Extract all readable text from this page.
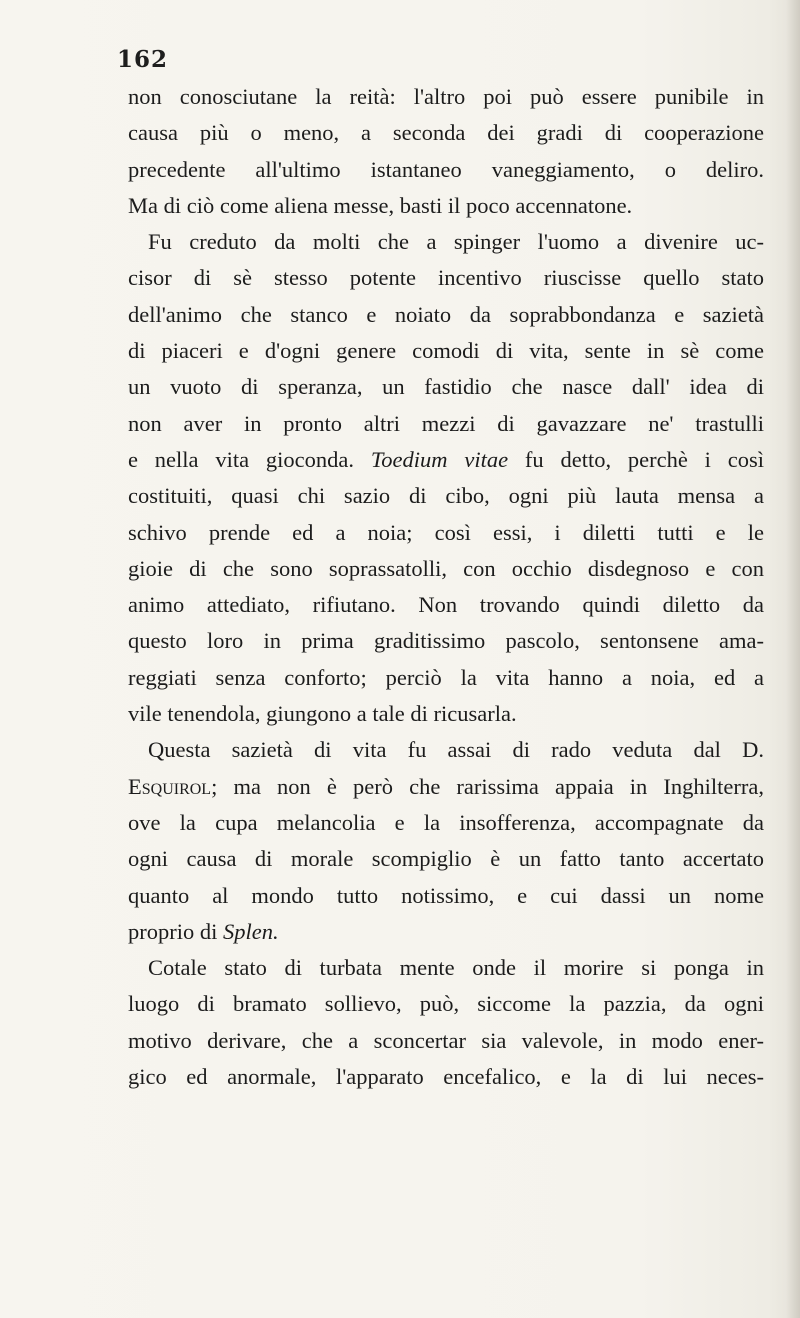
162
non conosciutane la reità: l'altro poi può essere punibile in
causa più o meno, a seconda dei gradi di cooperazione
precedente all'ultimo istantaneo vaneggiamento, o deliro.
Ma di ciò come aliena messe, basti il poco accennatone.
Fu creduto da molti che a spinger l'uomo a divenire uc-
cisor di sè stesso potente incentivo riuscisse quello stato
dell'animo che stanco e noiato da soprabbondanza e sazietà
di piaceri e d'ogni genere comodi di vita, sente in sè come
un vuoto di speranza, un fastidio che nasce dall' idea di
non aver in pronto altri mezzi di gavazzare ne' trastulli
e nella vita gioconda. Toedium vitae fu detto, perchè i così
costituiti, quasi chi sazio di cibo, ogni più lauta mensa a
schivo prende ed a noia; così essi, i diletti tutti e le
gioie di che sono soprassatolli, con occhio disdegnoso e con
animo attediato, rifiutano. Non trovando quindi diletto da
questo loro in prima graditissimo pascolo, sentonsene ama-
reggiati senza conforto; perciò la vita hanno a noia, ed a
vile tenendola, giungono a tale di ricusarla.
Questa sazietà di vita fu assai di rado veduta dal D.
Esquirol; ma non è però che rarissima appaia in Inghilterra,
ove la cupa melancolia e la insofferenza, accompagnate da
ogni causa di morale scompiglio è un fatto tanto accertato
quanto al mondo tutto notissimo, e cui dassi un nome
proprio di Splen.
Cotale stato di turbata mente onde il morire si ponga in
luogo di bramato sollievo, può, siccome la pazzia, da ogni
motivo derivare, che a sconcertar sia valevole, in modo ener-
gico ed anormale, l'apparato encefalico, e la di lui neces-
